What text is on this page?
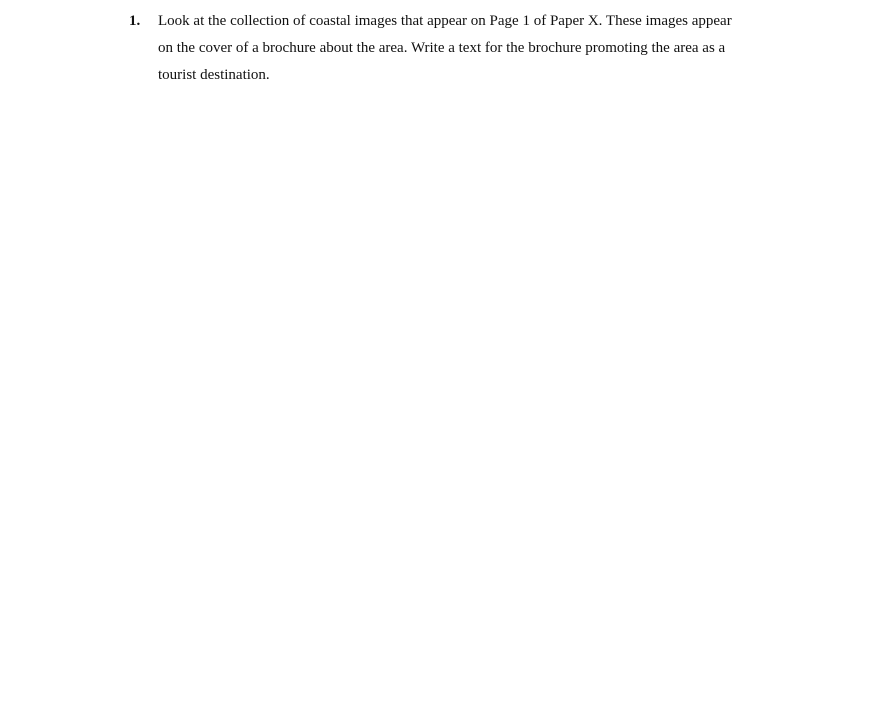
1. Look at the collection of coastal images that appear on Page 1 of Paper X. These images appear
on the cover of a brochure about the area. Write a text for the brochure promoting the area as a
tourist destination.
